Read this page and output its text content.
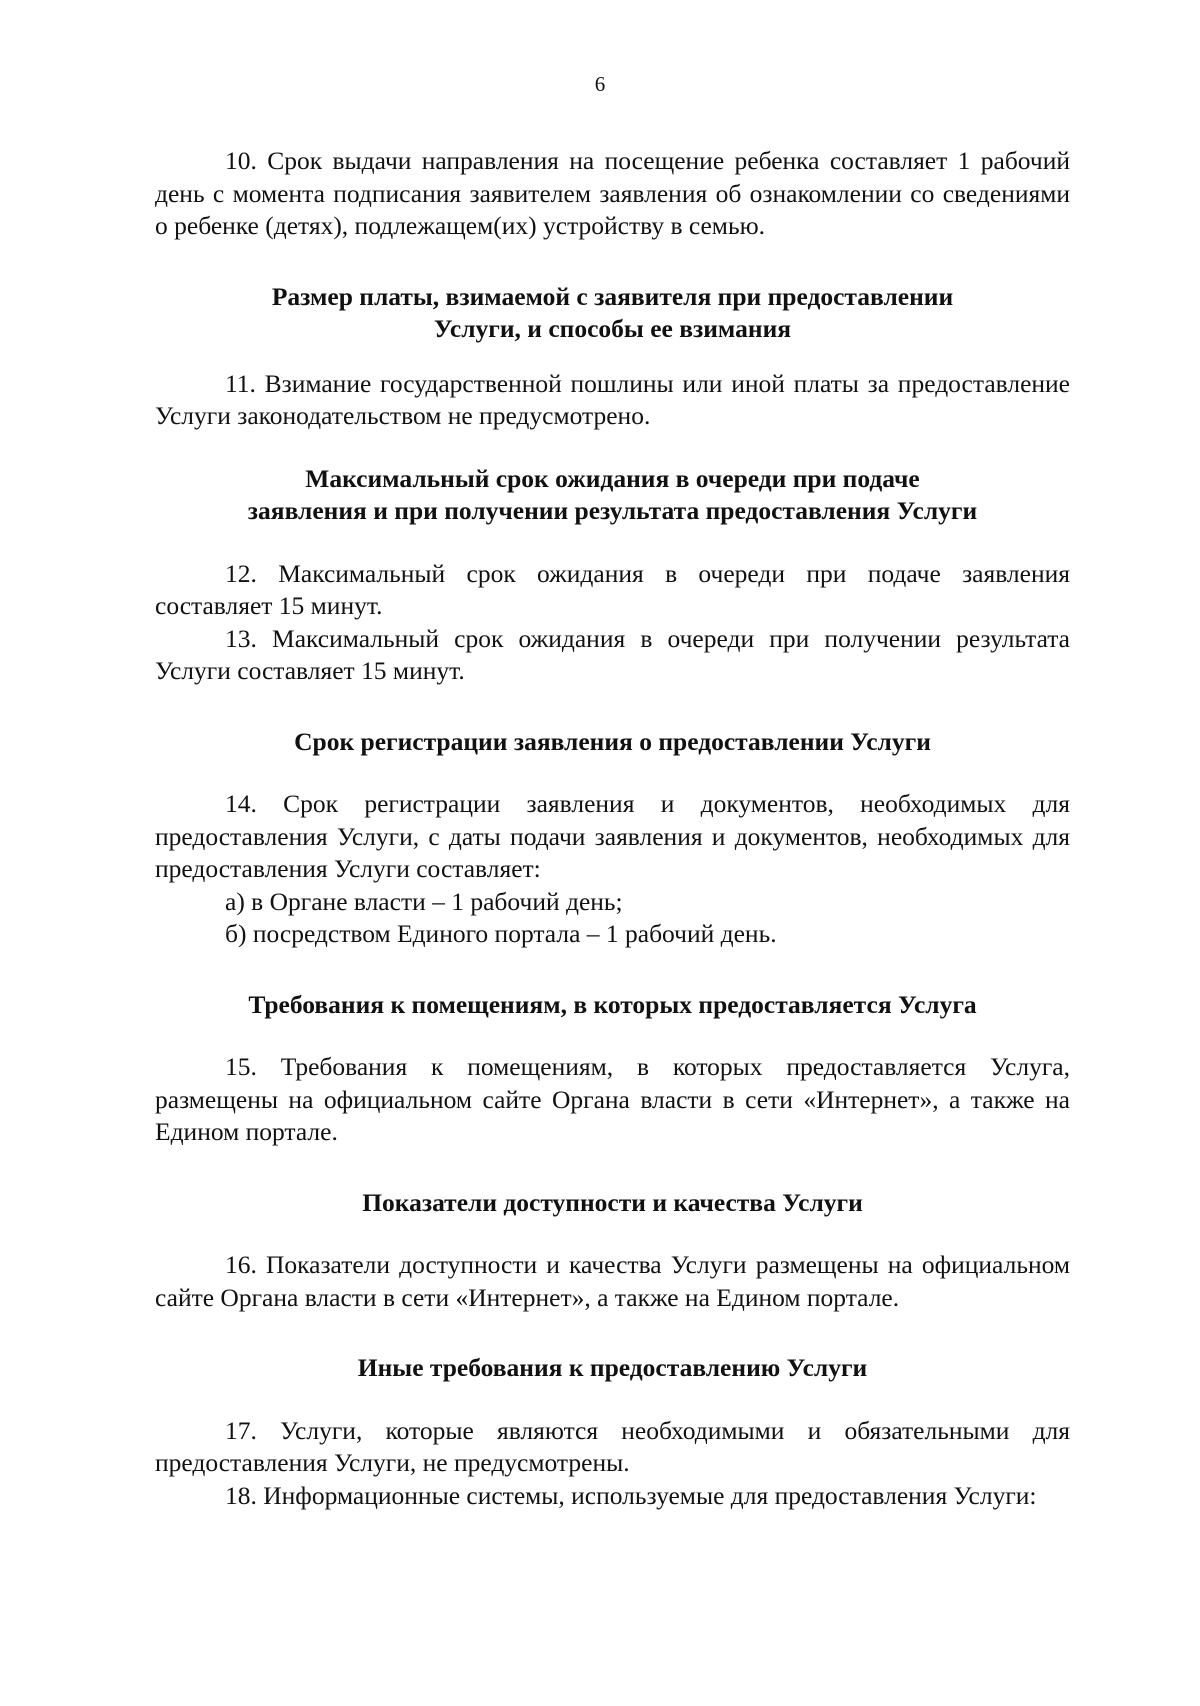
6

10. Срок выдачи направления на посещение ребенка составляет 1 рабочий день с момента подписания заявителем заявления об ознакомлении со сведениями о ребенке (детях), подлежащем(их) устройству в семью.

Размер платы, взимаемой с заявителя при предоставлении
Услуги, и способы ее взимания

11. Взимание государственной пошлины или иной платы за предоставление Услуги законодательством не предусмотрено.

Максимальный срок ожидания в очереди при подаче
заявления и при получении результата предоставления Услуги

12. Максимальный срок ожидания в очереди при подаче заявления составляет 15 минут.

13. Максимальный срок ожидания в очереди при получении результата Услуги составляет 15 минут.

Срок регистрации заявления о предоставлении Услуги

14. Срок регистрации заявления и документов, необходимых для предоставления Услуги, с даты подачи заявления и документов, необходимых для предоставления Услуги составляет:

а) в Органе власти – 1 рабочий день;

б) посредством Единого портала – 1 рабочий день.

Требования к помещениям, в которых предоставляется Услуга

15. Требования к помещениям, в которых предоставляется Услуга, размещены на официальном сайте Органа власти в сети «Интернет», а также на Едином портале.

Показатели доступности и качества Услуги

16. Показатели доступности и качества Услуги размещены на официальном сайте Органа власти в сети «Интернет», а также на Едином портале.

Иные требования к предоставлению Услуги

17. Услуги, которые являются необходимыми и обязательными для предоставления Услуги, не предусмотрены.

18. Информационные системы, используемые для предоставления Услуги:
